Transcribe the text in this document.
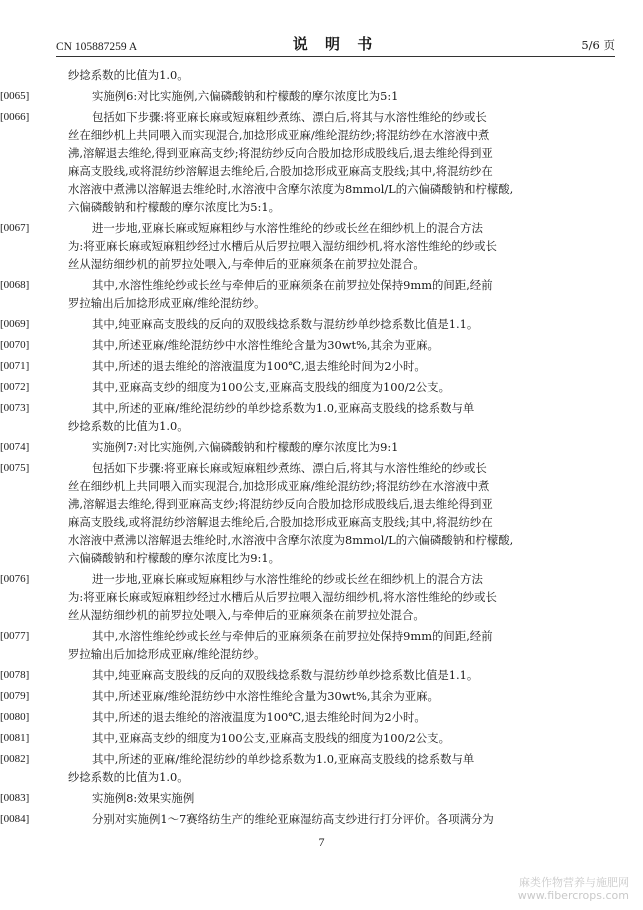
CN 105887259 A	说 明 书	5/6 页
纱捻系数的比值为1.0。
[0065]	实施例6:对比实施例,六偏磷酸钠和柠檬酸的摩尔浓度比为5:1
[0066]	包括如下步骤:将亚麻长麻或短麻粗纱煮练、漂白后,将其与水溶性维纶的纱或长
丝在细纱机上共同喂入而实现混合,加捻形成亚麻/维纶混纺纱;将混纺纱在水溶液中煮
沸,溶解退去维纶,得到亚麻高支纱;将混纺纱反向合股加捻形成股线后,退去维纶得到亚
麻高支股线,或将混纺纱溶解退去维纶后,合股加捻形成亚麻高支股线;其中,将混纺纱在
水溶液中煮沸以溶解退去维纶时,水溶液中含摩尔浓度为8mmol/L的六偏磷酸钠和柠檬酸,
六偏磷酸钠和柠檬酸的摩尔浓度比为5:1。
[0067]	进一步地,亚麻长麻或短麻粗纱与水溶性维纶的纱或长丝在细纱机上的混合方法
为:将亚麻长麻或短麻粗纱经过水槽后从后罗拉喂入湿纺细纱机,将水溶性维纶的纱或长
丝从湿纺细纱机的前罗拉处喂入,与牵伸后的亚麻须条在前罗拉处混合。
[0068]	其中,水溶性维纶纱或长丝与牵伸后的亚麻须条在前罗拉处保持9mm的间距,经前
罗拉输出后加捻形成亚麻/维纶混纺纱。
[0069]	其中,纯亚麻高支股线的反向的双股线捻系数与混纺纱单纱捻系数比值是1.1。
[0070]	其中,所述亚麻/维纶混纺纱中水溶性维纶含量为30wt%,其余为亚麻。
[0071]	其中,所述的退去维纶的溶液温度为100℃,退去维纶时间为2小时。
[0072]	其中,亚麻高支纱的细度为100公支,亚麻高支股线的细度为100/2公支。
[0073]	其中,所述的亚麻/维纶混纺纱的单纱捻系数为1.0,亚麻高支股线的捻系数与单
纱捻系数的比值为1.0。
[0074]	实施例7:对比实施例,六偏磷酸钠和柠檬酸的摩尔浓度比为9:1
[0075]	包括如下步骤:将亚麻长麻或短麻粗纱煮练、漂白后,将其与水溶性维纶的纱或长
丝在细纱机上共同喂入而实现混合,加捻形成亚麻/维纶混纺纱;将混纺纱在水溶液中煮
沸,溶解退去维纶,得到亚麻高支纱;将混纺纱反向合股加捻形成股线后,退去维纶得到亚
麻高支股线,或将混纺纱溶解退去维纶后,合股加捻形成亚麻高支股线;其中,将混纺纱在
水溶液中煮沸以溶解退去维纶时,水溶液中含摩尔浓度为8mmol/L的六偏磷酸钠和柠檬酸,
六偏磷酸钠和柠檬酸的摩尔浓度比为9:1。
[0076]	进一步地,亚麻长麻或短麻粗纱与水溶性维纶的纱或长丝在细纱机上的混合方法
为:将亚麻长麻或短麻粗纱经过水槽后从后罗拉喂入湿纺细纱机,将水溶性维纶的纱或长
丝从湿纺细纱机的前罗拉处喂入,与牵伸后的亚麻须条在前罗拉处混合。
[0077]	其中,水溶性维纶纱或长丝与牵伸后的亚麻须条在前罗拉处保持9mm的间距,经前
罗拉输出后加捻形成亚麻/维纶混纺纱。
[0078]	其中,纯亚麻高支股线的反向的双股线捻系数与混纺纱单纱捻系数比值是1.1。
[0079]	其中,所述亚麻/维纶混纺纱中水溶性维纶含量为30wt%,其余为亚麻。
[0080]	其中,所述的退去维纶的溶液温度为100℃,退去维纶时间为2小时。
[0081]	其中,亚麻高支纱的细度为100公支,亚麻高支股线的细度为100/2公支。
[0082]	其中,所述的亚麻/维纶混纺纱的单纱捻系数为1.0,亚麻高支股线的捻系数与单
纱捻系数的比值为1.0。
[0083]	实施例8:效果实施例
[0084]	分别对实施例1～7赛络纺生产的维纶亚麻湿纺高支纱进行打分评价。各项满分为
7
麻类作物营养与施肥网
www.fibercrops.com
